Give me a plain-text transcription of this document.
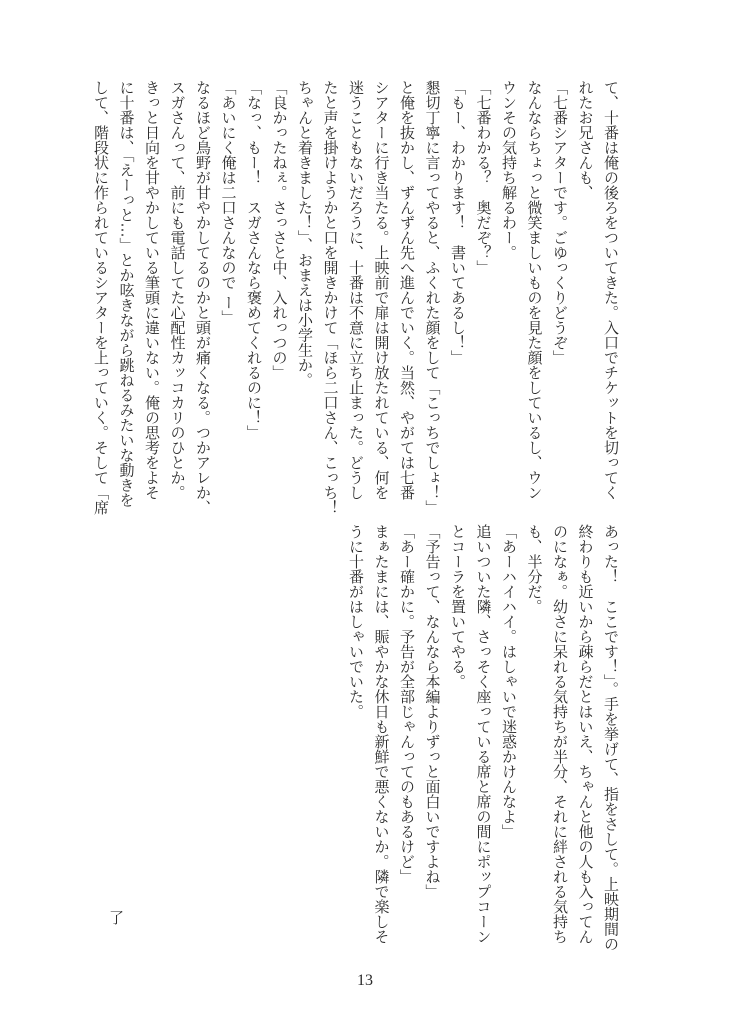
て、十番は俺の後ろをついてきた。入口でチケットを切ってく
れたお兄さんも、
「七番シアターです。ごゆっくりどうぞ」
なんならちょっと微笑ましいものを見た顔をしているし、ウン
ウンその気持ち解るわー。
「七番わかる？　奥だぞ？」
「もー、わかります！　書いてあるし！」
懇切丁寧に言ってやると、ふくれた顔をして「こっちでしょ！」
と俺を抜かし、ずんずん先へ進んでいく。当然、やがては七番
シアターに行き当たる。上映前で扉は開け放たれている、何を
迷うこともないだろうに、十番は不意に立ち止まった。どうし
たと声を掛けようかと口を開きかけて「ほら二口さん、こっち！
ちゃんと着きました！」、おまえは小学生か。
「良かったねぇ。さっさと中、入れっつの」
「なっ、もー！　スガさんなら褒めてくれるのに！」
「あいにく俺は二口さんなので ー」
なるほど鳥野が甘やかしてるのかと頭が痛くなる。つかアレか、
スガさんって、前にも電話してた心配性カッコカリのひとか。
きっと日向を甘やかしている筆頭に違いない。俺の思考をよそ
に十番は、「えーっと…」とか呟きながら跳ねるみたいな動きを
して、階段状に作られているシアターを上っていく。そして「席
あった！　ここです！」。手を挙げて、指をさして。上映期間の
終わりも近いから疎らだとはいえ、ちゃんと他の人も入ってん
のになぁ。幼さに呆れる気持ちが半分、それに絆される気持ち
も、半分だ。
「あーハイハイ。はしゃいで迷惑かけんなよ」
追いついた隣、さっそく座っている席と席の間にポップコーン
とコーラを置いてやる。
「予告って、なんなら本編よりずっと面白いですよね」
「あー確かに。予告が全部じゃんってのもあるけど」
まぁたまには、賑やかな休日も新鮮で悪くないか。隣で楽しそ
うに十番がはしゃいでいた。
了
13
